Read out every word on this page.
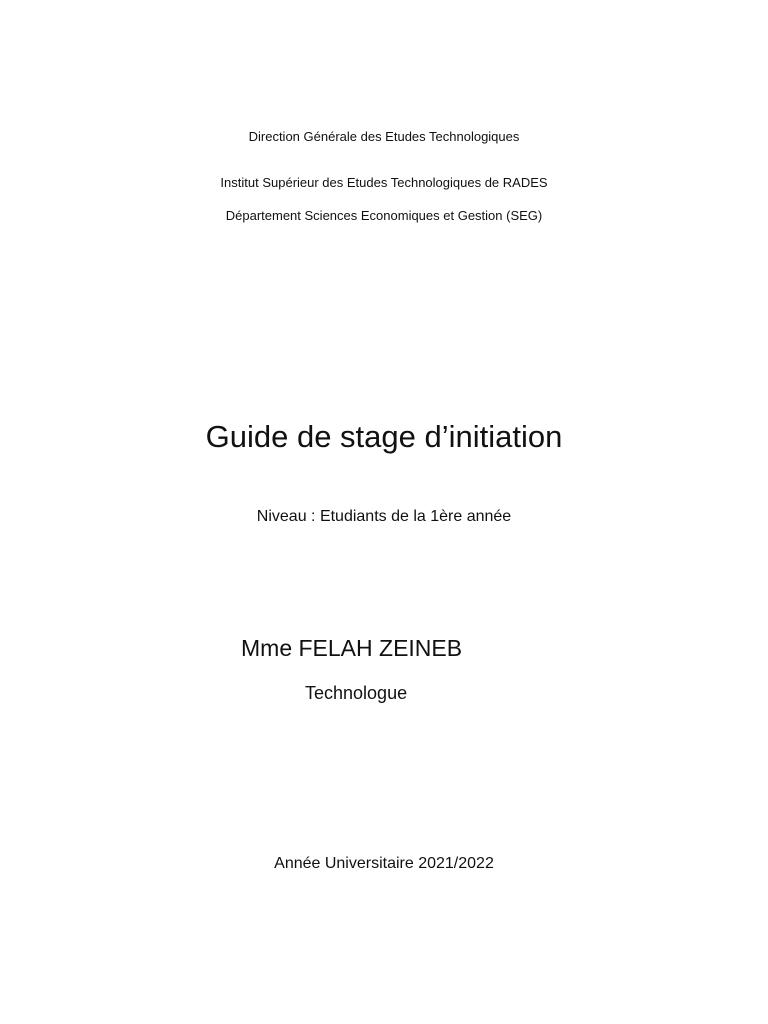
Direction Générale des Etudes Technologiques
Institut Supérieur des Etudes Technologiques de RADES
Département Sciences Economiques et Gestion (SEG)
Guide de stage d’initiation
Niveau : Etudiants de la 1ère année
Mme FELAH ZEINEB
Technologue
Année Universitaire 2021/2022
